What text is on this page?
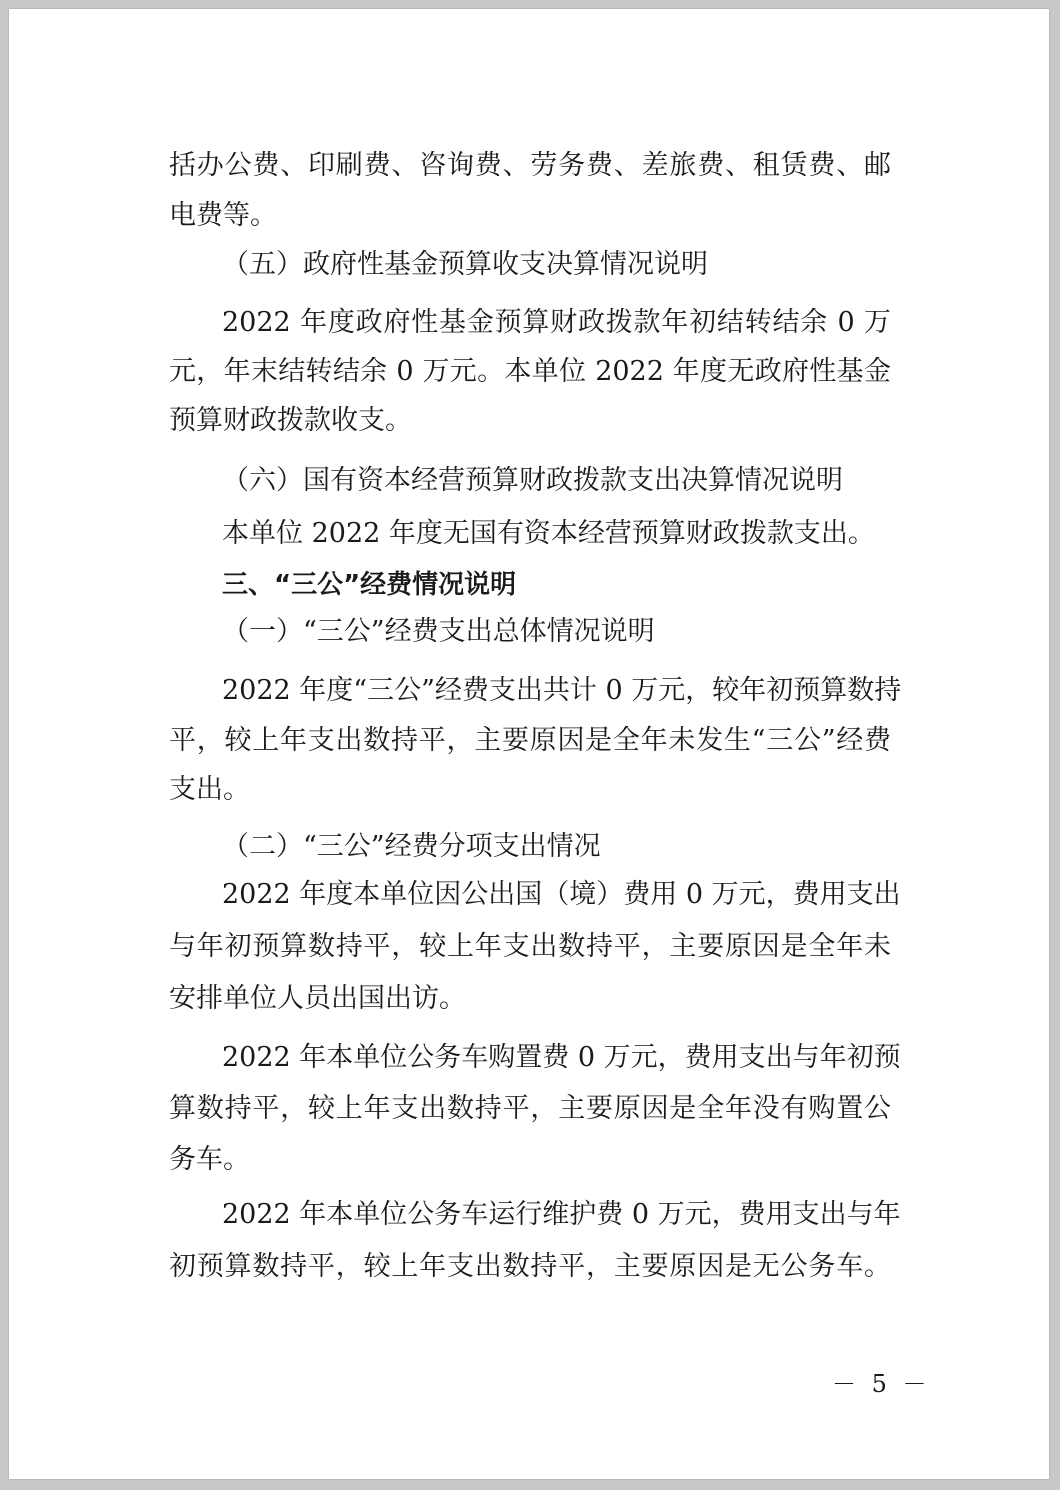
括办公费、印刷费、咨询费、劳务费、差旅费、租赁费、邮

电费等。

（五）政府性基金预算收支决算情况说明

2022 年度政府性基金预算财政拨款年初结转结余 0 万

元，年末结转结余 0 万元。本单位 2022 年度无政府性基金

预算财政拨款收支。

（六）国有资本经营预算财政拨款支出决算情况说明

本单位 2022 年度无国有资本经营预算财政拨款支出。

三、“三公”经费情况说明

（一）“三公”经费支出总体情况说明

2022 年度“三公”经费支出共计 0 万元，较年初预算数持

平，较上年支出数持平，主要原因是全年未发生“三公”经费

支出。

（二）“三公”经费分项支出情况

2022 年度本单位因公出国（境）费用 0 万元，费用支出

与年初预算数持平，较上年支出数持平，主要原因是全年未

安排单位人员出国出访。

2022 年本单位公务车购置费 0 万元，费用支出与年初预

算数持平，较上年支出数持平，主要原因是全年没有购置公

务车。

2022 年本单位公务车运行维护费 0 万元，费用支出与年

初预算数持平，较上年支出数持平，主要原因是无公务车。

－ 5 －
